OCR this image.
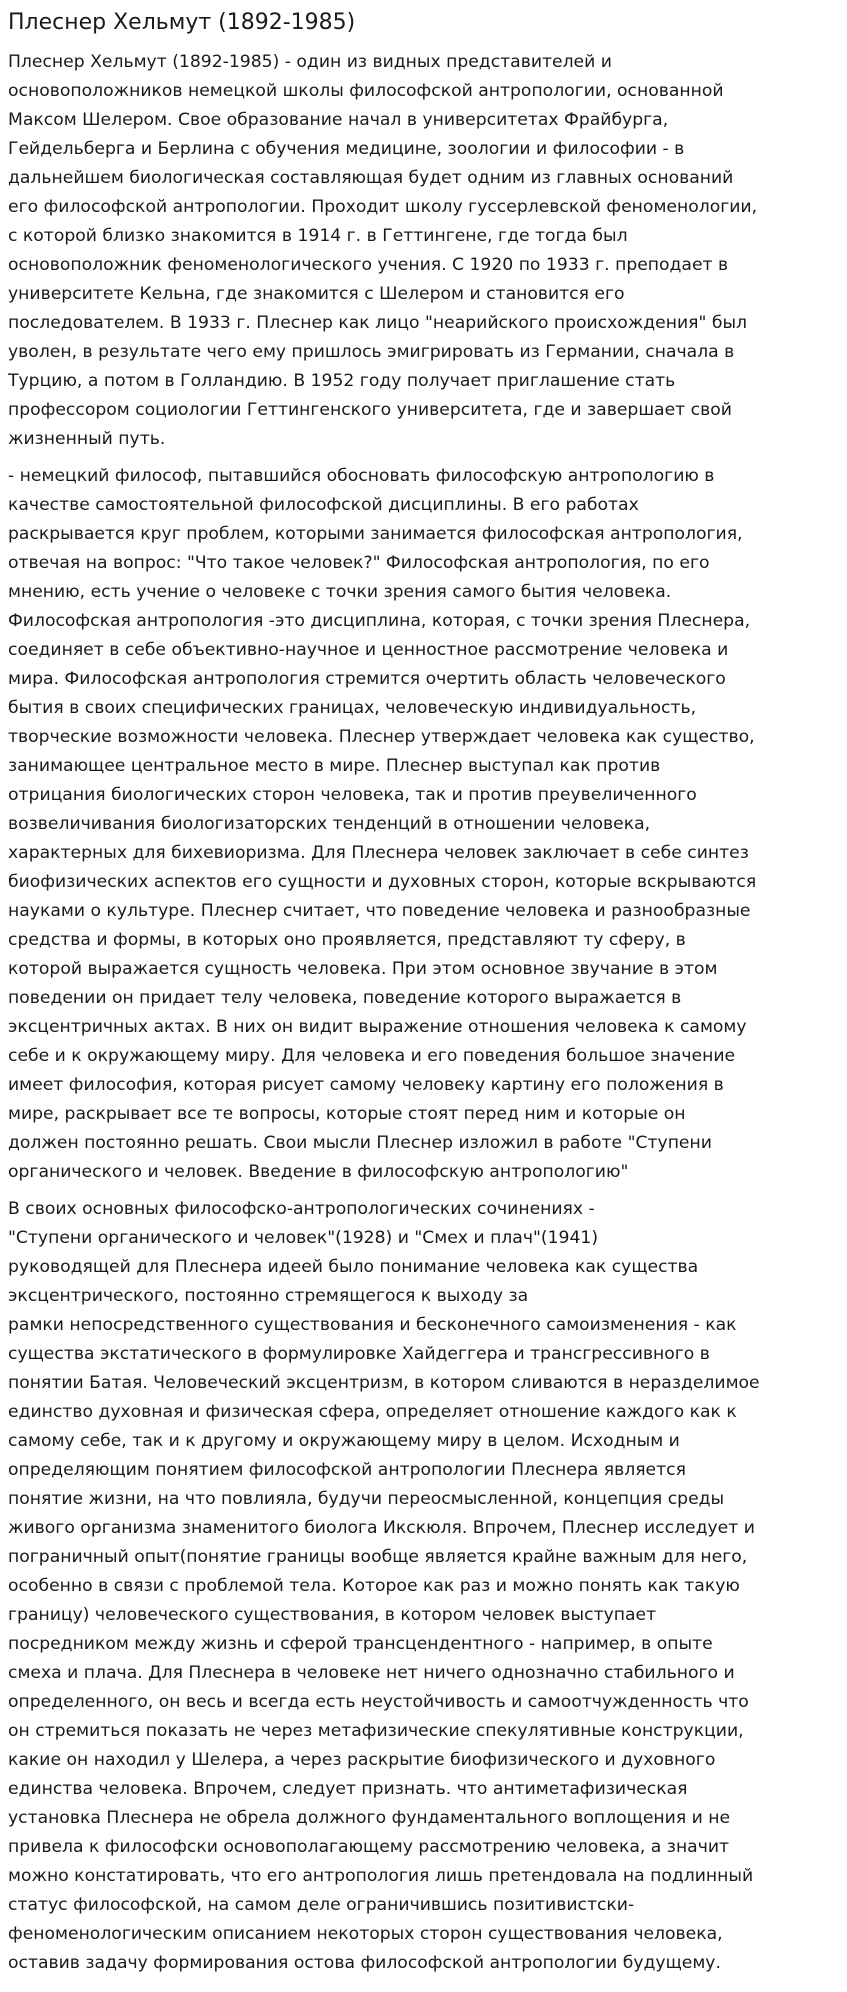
Плеснер Хельмут (1892-1985)

Плеснер Хельмут (1892-1985) - один из видных представителей и
основоположников немецкой школы философской антропологии, основанной
Максом Шелером. Свое образование начал в университетах Фрайбурга,
Гейдельберга и Берлина с обучения медицине, зоологии и философии - в
дальнейшем биологическая составляющая будет одним из главных оснований
его философской антропологии. Проходит школу гуссерлевской феноменологии,
с которой близко знакомится в 1914 г. в Геттингене, где тогда был
основоположник феноменологического учения. С 1920 по 1933 г. преподает в
университете Кельна, где знакомится с Шелером и становится его
последователем. В 1933 г. Плеснер как лицо "неарийского происхождения" был
уволен, в результате чего ему пришлось эмигрировать из Германии, сначала в
Турцию, а потом в Голландию. В 1952 году получает приглашение стать
профессором социологии Геттингенского университета, где и завершает свой
жизненный путь.

- немецкий философ, пытавшийся обосновать философскую антропологию в
качестве самостоятельной философской дисциплины. В его работах
раскрывается круг проблем, которыми занимается философская антропология,
отвечая на вопрос: "Что такое человек?" Философская антропология, по его
мнению, есть учение о человеке с точки зрения самого бытия человека.
Философская антропология -это дисциплина, которая, с точки зрения Плеснера,
соединяет в себе объективно-научное и ценностное рассмотрение человека и
мира. Философская антропология стремится очертить область человеческого
бытия в своих специфических границах, человеческую индивидуальность,
творческие возможности человека. Плеснер утверждает человека как существо,
занимающее центральное место в мире. Плеснер выступал как против
отрицания биологических сторон человека, так и против преувеличенного
возвеличивания биологизаторских тенденций в отношении человека,
характерных для бихевиоризма. Для Плеснера человек заключает в себе синтез
биофизических аспектов его сущности и духовных сторон, которые вскрываются
науками о культуре. Плеснер считает, что поведение человека и разнообразные
средства и формы, в которых оно проявляется, представляют ту сферу, в
которой выражается сущность человека. При этом основное звучание в этом
поведении он придает телу человека, поведение которого выражается в
эксцентричных актах. В них он видит выражение отношения человека к самому
себе и к окружающему миру. Для человека и его поведения большое значение
имеет философия, которая рисует самому человеку картину его положения в
мире, раскрывает все те вопросы, которые стоят перед ним и которые он
должен постоянно решать. Свои мысли Плеснер изложил в работе "Ступени
органического и человек. Введение в философскую антропологию"

В своих основных философско-антропологических сочинениях -
"Ступени органического и человек"(1928) и "Смех и плач"(1941)
руководящей для Плеснера идеей было понимание человека как существа
эксцентрического, постоянно стремящегося к выходу за
рамки непосредственного существования и бесконечного самоизменения - как
существа экстатического в формулировке Хайдеггера и трансгрессивного в
понятии Батая. Человеческий эксцентризм, в котором сливаются в неразделимое
единство духовная и физическая сфера, определяет отношение каждого как к
самому себе, так и к другому и окружающему миру в целом. Исходным и
определяющим понятием философской антропологии Плеснера является
понятие жизни, на что повлияла, будучи переосмысленной, концепция среды
живого организма знаменитого биолога Икскюля. Впрочем, Плеснер исследует и
пограничный опыт(понятие границы вообще является крайне важным для него,
особенно в связи с проблемой тела. Которое как раз и можно понять как такую
границу) человеческого существования, в котором человек выступает
посредником между жизнь и сферой трансцендентного - например, в опыте
смеха и плача. Для Плеснера в человеке нет ничего однозначно стабильного и
определенного, он весь и всегда есть неустойчивость и самоотчужденность что
он стремиться показать не через метафизические спекулятивные конструкции,
какие он находил у Шелера, а через раскрытие биофизического и духовного
единства человека. Впрочем, следует признать. что антиметафизическая
установка Плеснера не обрела должного фундаментального воплощения и не
привела к философски основополагающему рассмотрению человека, а значит
можно констатировать, что его антропология лишь претендовала на подлинный
статус философской, на самом деле ограничившись позитивистски-
феноменологическим описанием некоторых сторон существования человека,
оставив задачу формирования остова философской антропологии будущему.
